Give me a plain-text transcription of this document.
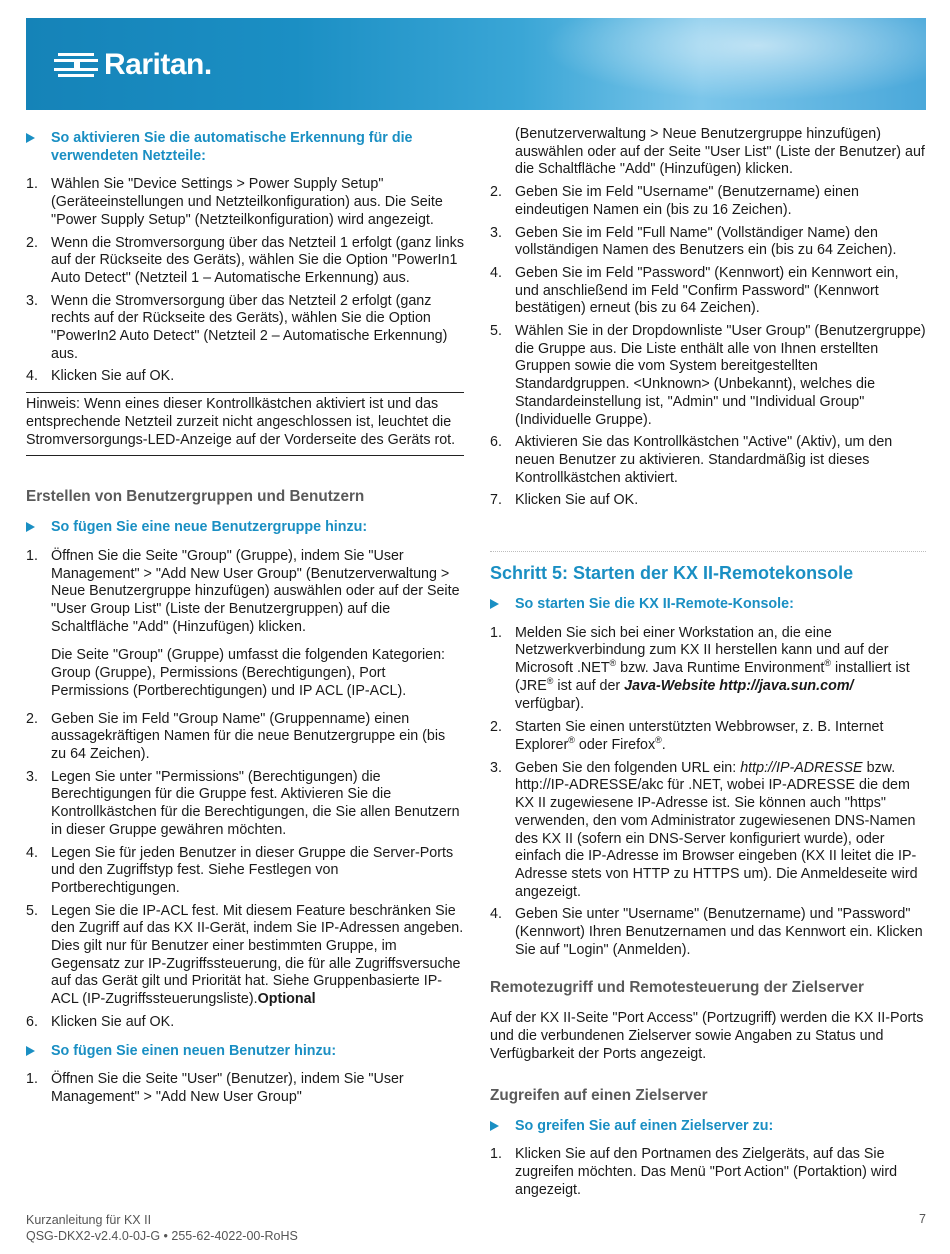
Raritan.
So aktivieren Sie die automatische Erkennung für die verwendeten Netzteile:
1. Wählen Sie "Device Settings > Power Supply Setup" (Geräteeinstellungen und Netzteilkonfiguration) aus. Die Seite "Power Supply Setup" (Netzteilkonfiguration) wird angezeigt.
2. Wenn die Stromversorgung über das Netzteil 1 erfolgt (ganz links auf der Rückseite des Geräts), wählen Sie die Option "PowerIn1 Auto Detect" (Netzteil 1 – Automatische Erkennung) aus.
3. Wenn die Stromversorgung über das Netzteil 2 erfolgt (ganz rechts auf der Rückseite des Geräts), wählen Sie die Option "PowerIn2 Auto Detect" (Netzteil 2 – Automatische Erkennung) aus.
4. Klicken Sie auf OK.
Hinweis: Wenn eines dieser Kontrollkästchen aktiviert ist und das entsprechende Netzteil zurzeit nicht angeschlossen ist, leuchtet die Stromversorgungs-LED-Anzeige auf der Vorderseite des Geräts rot.
Erstellen von Benutzergruppen und Benutzern
So fügen Sie eine neue Benutzergruppe hinzu:
1. Öffnen Sie die Seite "Group" (Gruppe), indem Sie "User Management" > "Add New User Group" (Benutzerverwaltung > Neue Benutzergruppe hinzufügen) auswählen oder auf der Seite "User Group List" (Liste der Benutzergruppen) auf die Schaltfläche "Add" (Hinzufügen) klicken.
Die Seite "Group" (Gruppe) umfasst die folgenden Kategorien: Group (Gruppe), Permissions (Berechtigungen), Port Permissions (Portberechtigungen) und IP ACL (IP-ACL).
2. Geben Sie im Feld "Group Name" (Gruppenname) einen aussagekräftigen Namen für die neue Benutzergruppe ein (bis zu 64 Zeichen).
3. Legen Sie unter "Permissions" (Berechtigungen) die Berechtigungen für die Gruppe fest. Aktivieren Sie die Kontrollkästchen für die Berechtigungen, die Sie allen Benutzern in dieser Gruppe gewähren möchten.
4. Legen Sie für jeden Benutzer in dieser Gruppe die Server-Ports und den Zugriffstyp fest. Siehe Festlegen von Portberechtigungen.
5. Legen Sie die IP-ACL fest. Mit diesem Feature beschränken Sie den Zugriff auf das KX II-Gerät, indem Sie IP-Adressen angeben. Dies gilt nur für Benutzer einer bestimmten Gruppe, im Gegensatz zur IP-Zugriffssteuerung, die für alle Zugriffsversuche auf das Gerät gilt und Priorität hat. Siehe Gruppenbasierte IP-ACL (IP-Zugriffssteuerungsliste).Optional
6. Klicken Sie auf OK.
So fügen Sie einen neuen Benutzer hinzu:
1. Öffnen Sie die Seite "User" (Benutzer), indem Sie "User Management" > "Add New User Group"
(Benutzerverwaltung > Neue Benutzergruppe hinzufügen) auswählen oder auf der Seite "User List" (Liste der Benutzer) auf die Schaltfläche "Add" (Hinzufügen) klicken.
2. Geben Sie im Feld "Username" (Benutzername) einen eindeutigen Namen ein (bis zu 16 Zeichen).
3. Geben Sie im Feld "Full Name" (Vollständiger Name) den vollständigen Namen des Benutzers ein (bis zu 64 Zeichen).
4. Geben Sie im Feld "Password" (Kennwort) ein Kennwort ein, und anschließend im Feld "Confirm Password" (Kennwort bestätigen) erneut (bis zu 64 Zeichen).
5. Wählen Sie in der Dropdownliste "User Group" (Benutzergruppe) die Gruppe aus. Die Liste enthält alle von Ihnen erstellten Gruppen sowie die vom System bereitgestellten Standardgruppen. <Unknown> (Unbekannt), welches die Standardeinstellung ist, "Admin" und "Individual Group" (Individuelle Gruppe).
6. Aktivieren Sie das Kontrollkästchen "Active" (Aktiv), um den neuen Benutzer zu aktivieren. Standardmäßig ist dieses Kontrollkästchen aktiviert.
7. Klicken Sie auf OK.
Schritt 5: Starten der KX II-Remotekonsole
So starten Sie die KX II-Remote-Konsole:
1. Melden Sie sich bei einer Workstation an, die eine Netzwerkverbindung zum KX II herstellen kann und auf der Microsoft .NET® bzw. Java Runtime Environment® installiert ist (JRE® ist auf der Java-Website http://java.sun.com/ verfügbar).
2. Starten Sie einen unterstützten Webbrowser, z. B. Internet Explorer® oder Firefox®.
3. Geben Sie den folgenden URL ein: http://IP-ADRESSE bzw. http://IP-ADRESSE/akc für .NET, wobei IP-ADRESSE die dem KX II zugewiesene IP-Adresse ist. Sie können auch "https" verwenden, den vom Administrator zugewiesenen DNS-Namen des KX II (sofern ein DNS-Server konfiguriert wurde), oder einfach die IP-Adresse im Browser eingeben (KX II leitet die IP-Adresse stets von HTTP zu HTTPS um). Die Anmeldeseite wird angezeigt.
4. Geben Sie unter "Username" (Benutzername) und "Password" (Kennwort) Ihren Benutzernamen und das Kennwort ein. Klicken Sie auf "Login" (Anmelden).
Remotezugriff und Remotesteuerung der Zielserver
Auf der KX II-Seite "Port Access" (Portzugriff) werden die KX II-Ports und die verbundenen Zielserver sowie Angaben zu Status und Verfügbarkeit der Ports angezeigt.
Zugreifen auf einen Zielserver
So greifen Sie auf einen Zielserver zu:
1. Klicken Sie auf den Portnamen des Zielgeräts, auf das Sie zugreifen möchten. Das Menü "Port Action" (Portaktion) wird angezeigt.
Kurzanleitung für KX II
QSG-DKX2-v2.4.0-0J-G • 255-62-4022-00-RoHS
7
